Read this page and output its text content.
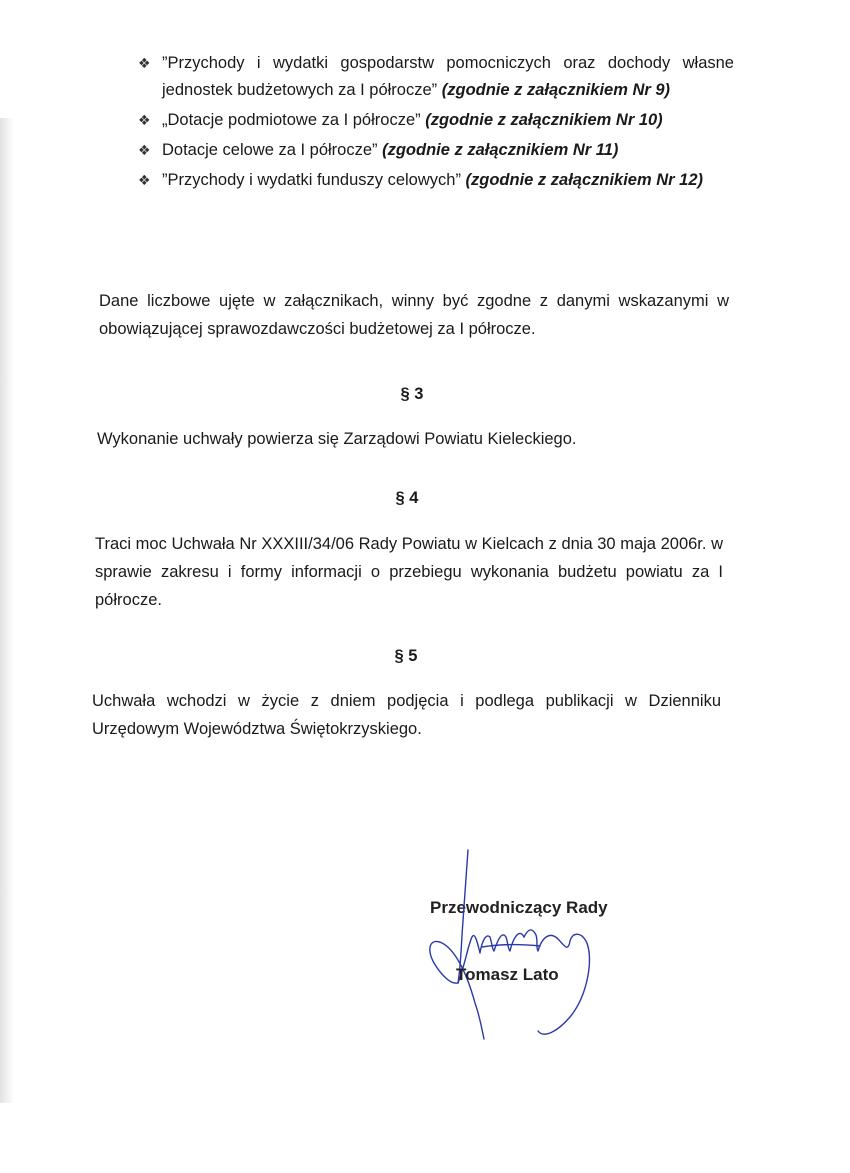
❖ ”Przychody i wydatki gospodarstw pomocniczych oraz dochody własne jednostek budżetowych za I półrocze” (zgodnie z załącznikiem Nr 9)
❖ „Dotacje podmiotowe za I półrocze” (zgodnie z załącznikiem Nr 10)
❖ Dotacje celowe za I półrocze” (zgodnie z załącznikiem Nr 11)
❖ ”Przychody i wydatki funduszy celowych” (zgodnie z załącznikiem Nr 12)
Dane liczbowe ujęte w załącznikach, winny być zgodne z danymi wskazanymi w obowiązującej sprawozdawczości budżetowej za I półrocze.
§ 3
Wykonanie uchwały powierza się Zarządowi Powiatu Kieleckiego.
§ 4
Traci moc Uchwała Nr XXXIII/34/06 Rady Powiatu w Kielcach z dnia 30 maja 2006r. w sprawie zakresu i formy informacji o przebiegu wykonania budżetu powiatu za I półrocze.
§ 5
Uchwała wchodzi w życie z dniem podjęcia i podlega publikacji w Dzienniku Urzędowym Województwa Świętokrzyskiego.
Przewodniczący Rady
Tomasz Lato
